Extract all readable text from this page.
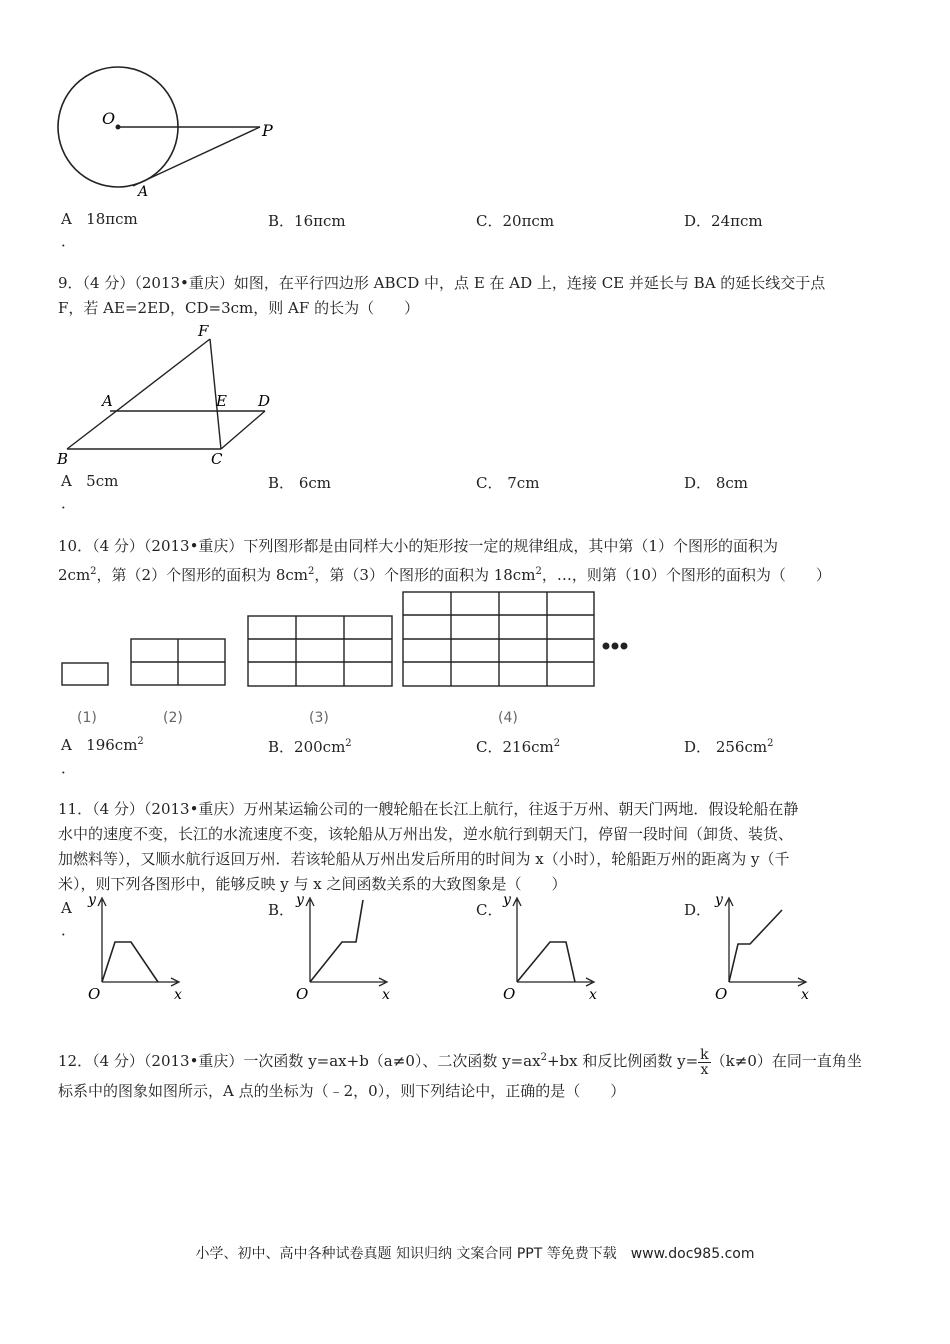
O
P
A
A 18πcm
．
B．16πcm	C．20πcm	D．24πcm
9．（4 分）（2013•重庆）如图，在平行四边形 ABCD 中，点 E 在 AD 上，连接 CE 并延长与 BA 的延长线交于点
F，若 AE=2ED，CD=3cm，则 AF 的长为（　　）
F
A	E D
B	C
A 5cm
．
B． 6cm	C． 7cm	D． 8cm
10．（4 分）（2013•重庆）下列图形都是由同样大小的矩形按一定的规律组成，其中第（1）个图形的面积为
$2cm^2$，第（2）个图形的面积为 $8cm^2$，第（3）个图形的面积为 $18cm^2$，…，则第（10）个图形的面积为（　　）
(1)	(2)	(3)	(4)
A $196cm^2$
．
B．$200cm^2$	C．$216cm^2$	D． $256cm^2$
11．（4 分）（2013•重庆）万州某运输公司的一艘轮船在长江上航行，往返于万州、朝天门两地．假设轮船在静
水中的速度不变，长江的水流速度不变，该轮船从万州出发，逆水航行到朝天门，停留一段时间（卸货、装货、
加燃料等），又顺水航行返回万州．若该轮船从万州出发后所用的时间为 x（小时），轮船距万州的距离为 y（千
米），则下列各图形中，能够反映 y 与 x 之间函数关系的大致图象是（　　）
A
．
B．	C．	D．
y
x
O
y
x
O
y
x
O
y
x
O
12．（4 分）（2013•重庆）一次函数 y=ax+b（a≠0）、二次函数 $y=ax^2+bx$ 和反比例函数 $y= \frac{k}{x} (k\ne 0)$在同一直角坐
标系中的图象如图所示，A 点的坐标为（﹣2，0），则下列结论中，正确的是（　　）
小学、初中、高中各种试卷真题 知识归纳 文案合同 PPT 等免费下载　www.doc985.com
